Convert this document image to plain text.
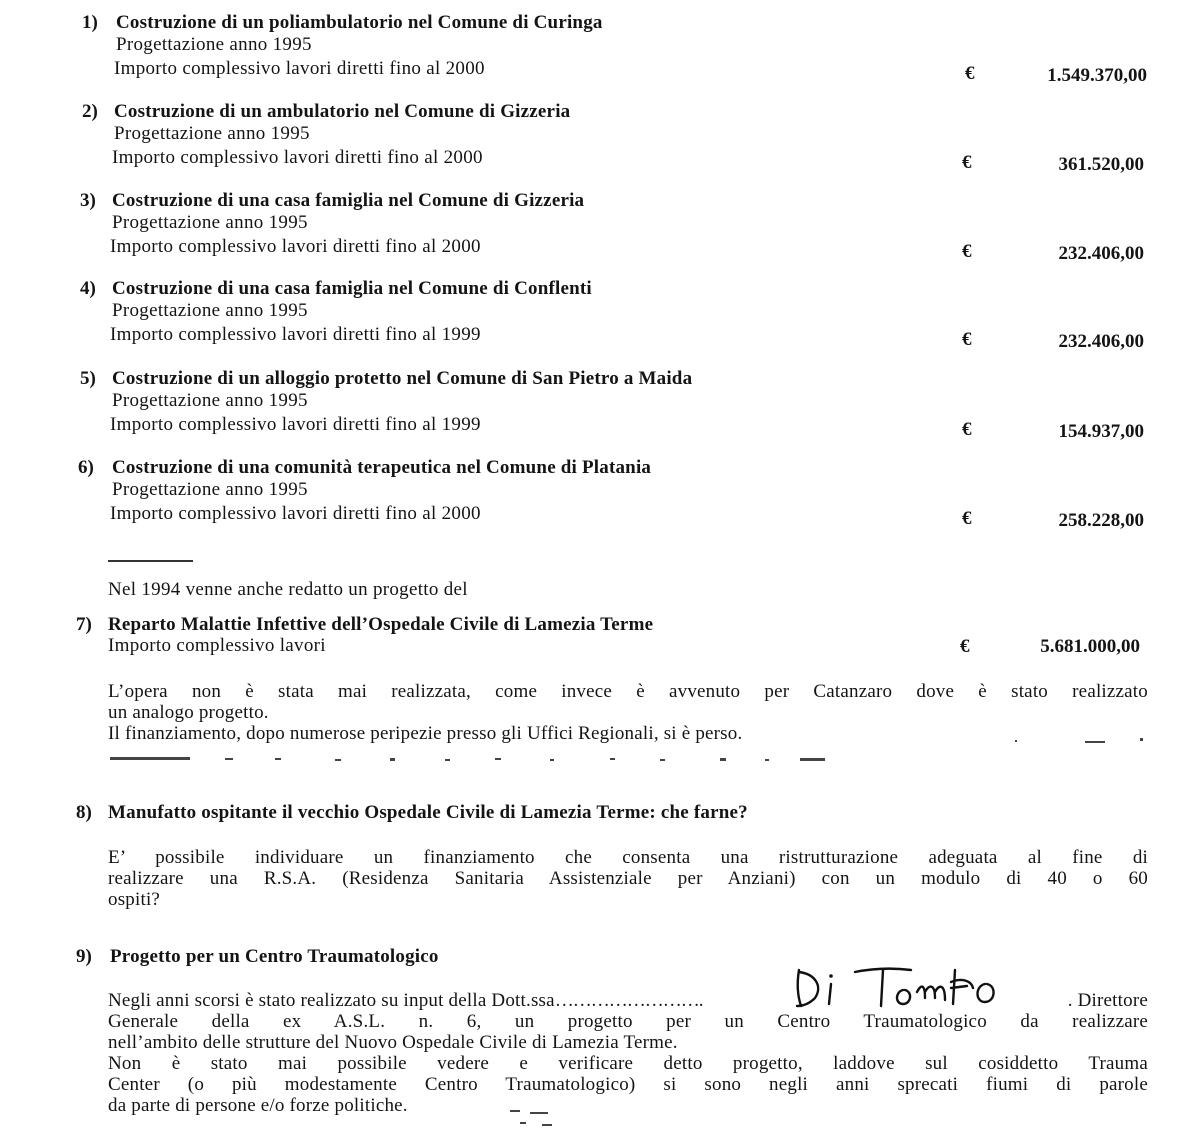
1) Costruzione di un poliambulatorio nel Comune di Curinga
Progettazione anno 1995
Importo complessivo lavori diretti fino al 2000	€	1.549.370,00
2) Costruzione di un ambulatorio nel Comune di Gizzeria
Progettazione anno 1995
Importo complessivo lavori diretti fino al 2000	€	361.520,00
3) Costruzione di una casa famiglia nel Comune di Gizzeria
Progettazione anno 1995
Importo complessivo lavori diretti fino al 2000	€	232.406,00
4) Costruzione di una casa famiglia nel Comune di Conflenti
Progettazione anno 1995
Importo complessivo lavori diretti fino al 1999	€	232.406,00
5) Costruzione di un alloggio protetto nel Comune di San Pietro a Maida
Progettazione anno 1995
Importo complessivo lavori diretti fino al 1999	€	154.937,00
6) Costruzione di una comunità terapeutica nel Comune di Platania
Progettazione anno 1995
Importo complessivo lavori diretti fino al 2000	€	258.228,00
Nel 1994 venne anche redatto un progetto del
7) Reparto Malattie Infettive dell’Ospedale Civile di Lamezia Terme
Importo complessivo lavori	€	5.681.000,00
L’opera non è stata mai realizzata, come invece è avvenuto per Catanzaro dove è stato realizzato
un analogo progetto.
Il finanziamento, dopo numerose peripezie presso gli Uffici Regionali, si è perso.
8) Manufatto ospitante il vecchio Ospedale Civile di Lamezia Terme: che farne?
E’ possibile individuare un finanziamento che consenta una ristrutturazione adeguata al fine di
realizzare una R.S.A. (Residenza Sanitaria Assistenziale per Anziani) con un modulo di 40 o 60
ospiti?
9) Progetto per un Centro Traumatologico
Negli anni scorsi è stato realizzato su input della Dott.ssa…………………….	. Direttore
Generale della ex A.S.L. n. 6, un progetto per un Centro Traumatologico da realizzare
nell’ambito delle strutture del Nuovo Ospedale Civile di Lamezia Terme.
Non è stato mai possibile vedere e verificare detto progetto, laddove sul cosiddetto Trauma
Center (o più modestamente Centro Traumatologico) si sono negli anni sprecati fiumi di parole
da parte di persone e/o forze politiche.
